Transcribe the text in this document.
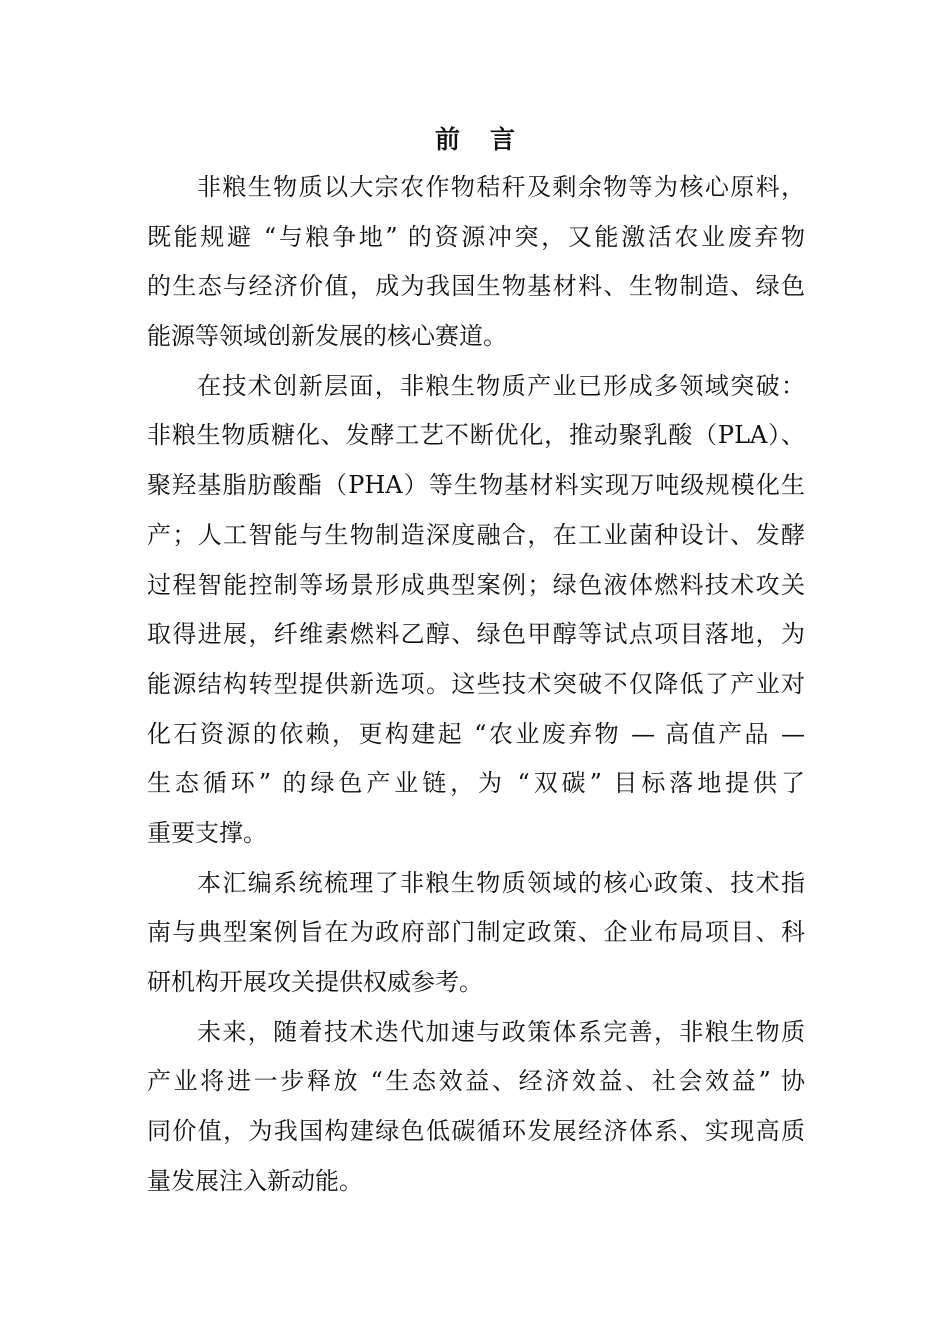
前言
非粮生物质以大宗农作物秸秆及剩余物等为核心原料，
既能规避 “与粮争地” 的资源冲突，又能激活农业废弃物
的生态与经济价值，成为我国生物基材料、生物制造、绿色
能源等领域创新发展的核心赛道。
在技术创新层面，非粮生物质产业已形成多领域突破：
非粮生物质糖化、发酵工艺不断优化，推动聚乳酸（PLA）、
聚羟基脂肪酸酯（PHA）等生物基材料实现万吨级规模化生
产；人工智能与生物制造深度融合，在工业菌种设计、发酵
过程智能控制等场景形成典型案例；绿色液体燃料技术攻关
取得进展，纤维素燃料乙醇、绿色甲醇等试点项目落地，为
能源结构转型提供新选项。这些技术突破不仅降低了产业对
化石资源的依赖，更构建起 “农业废弃物 — 高值产品 —
生态循环” 的绿色产业链，为 “双碳” 目标落地提供了
重要支撑。
本汇编系统梳理了非粮生物质领域的核心政策、技术指
南与典型案例旨在为政府部门制定政策、企业布局项目、科
研机构开展攻关提供权威参考。
未来，随着技术迭代加速与政策体系完善，非粮生物质
产业将进一步释放 “生态效益、经济效益、社会效益” 协
同价值，为我国构建绿色低碳循环发展经济体系、实现高质
量发展注入新动能。
